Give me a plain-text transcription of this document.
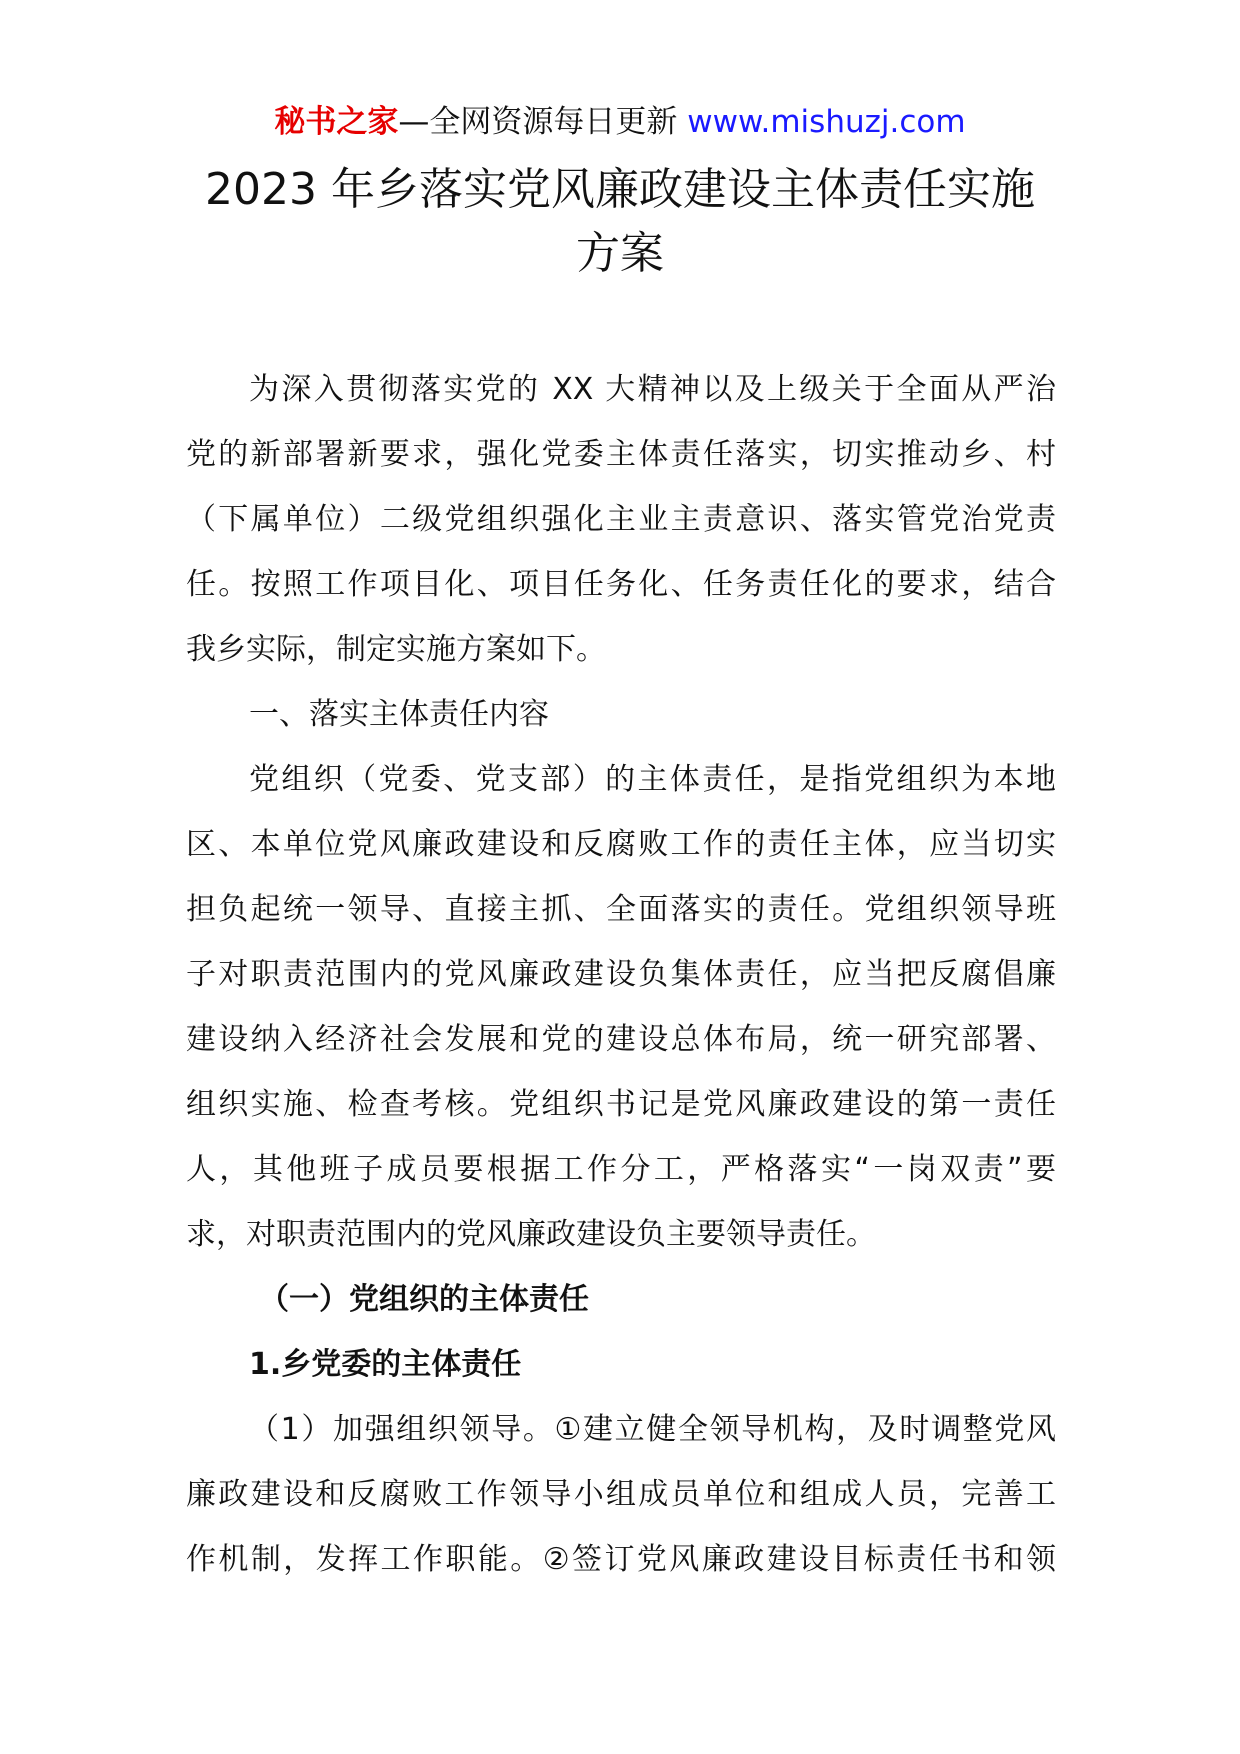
秘书之家—全网资源每日更新 www.mishuzj.com
2023 年乡落实党风廉政建设主体责任实施
方案
为深入贯彻落实党的 XX 大精神以及上级关于全面从严治
党的新部署新要求，强化党委主体责任落实，切实推动乡、村
（下属单位）二级党组织强化主业主责意识、落实管党治党责
任。按照工作项目化、项目任务化、任务责任化的要求，结合
我乡实际，制定实施方案如下。
一、落实主体责任内容
党组织（党委、党支部）的主体责任，是指党组织为本地
区、本单位党风廉政建设和反腐败工作的责任主体，应当切实
担负起统一领导、直接主抓、全面落实的责任。党组织领导班
子对职责范围内的党风廉政建设负集体责任，应当把反腐倡廉
建设纳入经济社会发展和党的建设总体布局，统一研究部署、
组织实施、检查考核。党组织书记是党风廉政建设的第一责任
人，其他班子成员要根据工作分工，严格落实“一岗双责”要
求，对职责范围内的党风廉政建设负主要领导责任。
（一）党组织的主体责任
1.乡党委的主体责任
（1）加强组织领导。①建立健全领导机构，及时调整党风
廉政建设和反腐败工作领导小组成员单位和组成人员，完善工
作机制，发挥工作职能。②签订党风廉政建设目标责任书和领
